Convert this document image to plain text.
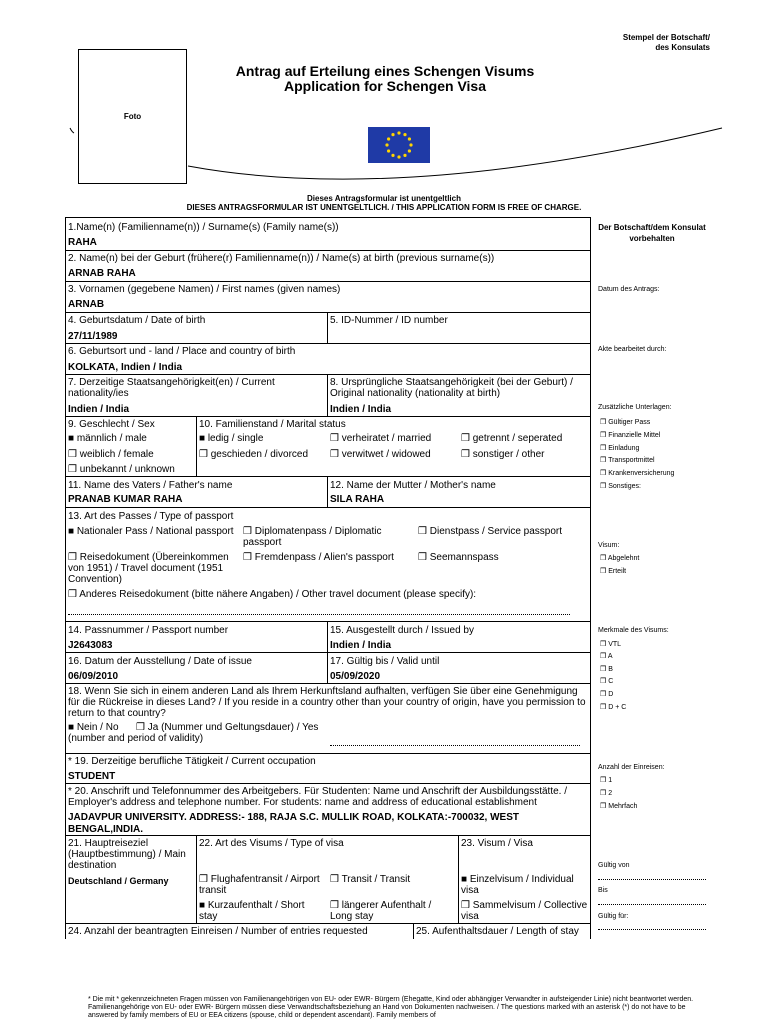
Foto
Stempel der Botschaft/
des Konsulats
Antrag auf Erteilung eines Schengen Visums
Application for Schengen Visa
Dieses Antragsformular ist unentgeltlich
DIESES ANTRAGSFORMULAR IST UNENTGELTLICH. / THIS APPLICATION FORM IS FREE OF CHARGE.
1.Name(n) (Familienname(n)) / Surname(s) (Family name(s))
RAHA
2. Name(n) bei der Geburt (frühere(r) Familienname(n)) / Name(s) at birth (previous surname(s))
ARNAB RAHA
3. Vornamen (gegebene Namen) / First names (given names)
ARNAB
4. Geburtsdatum / Date of birth
27/11/1989
5. ID-Nummer / ID number
6. Geburtsort und - land / Place and country of birth
KOLKATA, Indien / India
7. Derzeitige Staatsangehörigkeit(en) / Current nationality/ies
Indien / India
8. Ursprüngliche Staatsangehörigkeit (bei der Geburt) / Original nationality (nationality at birth)
Indien / India
9. Geschlecht / Sex
■ männlich / male
❒ weiblich / female
❒ unbekannt / unknown
10. Familienstand / Marital status
■ ledig / single	❒ verheiratet / married	❒ getrennt / seperated
❒ geschieden / divorced ❒ verwitwet / widowed	❒ sonstiger / other
11. Name des Vaters / Father's name
PRANAB KUMAR RAHA
12. Name der Mutter / Mother's name
SILA RAHA
13. Art des Passes / Type of passport
■ Nationaler Pass / National passport ❒ Diplomatenpass / Diplomatic passport
❒ Dienstpass / Service passport
❒ Reisedokument (Übereinkommen von 1951) / Travel document (1951 Convention)
❒ Fremdenpass / Alien's passport	❒ Seemannspass
❒ Anderes Reisedokument (bitte nähere Angaben) / Other travel document (please specify):
14. Passnummer / Passport number
J2643083
15. Ausgestellt durch / Issued by
Indien / India
16. Datum der Ausstellung / Date of issue
06/09/2010
17. Gültig bis / Valid until
05/09/2020
18. Wenn Sie sich in einem anderen Land als Ihrem Herkunftsland aufhalten, verfügen Sie über eine Genehmigung für die Rückreise in dieses Land? / If you reside in a country other than your country of origin, have you permission to return to that country?
■ Nein / No	❒ Ja (Nummer und Geltungsdauer) / Yes (number and period of validity)
* 19. Derzeitige berufliche Tätigkeit / Current occupation
STUDENT
* 20. Anschrift und Telefonnummer des Arbeitgebers. Für Studenten: Name und Anschrift der Ausbildungsstätte. / Employer's address and telephone number. For students: name and address of educational establishment
JADAVPUR UNIVERSITY. ADDRESS:- 188, RAJA S.C. MULLIK ROAD, KOLKATA:-700032, WEST BENGAL,INDIA.
21. Hauptreiseziel (Hauptbestimmung) / Main destination
Deutschland / Germany
22. Art des Visums / Type of visa
❒ Flughafentransit / Airport transit
❒ Transit / Transit
■ Kurzaufenthalt / Short stay
❒ längerer Aufenthalt / Long stay
23. Visum / Visa
■ Einzelvisum / Individual visa
❒ Sammelvisum / Collective visa
24. Anzahl der beantragten Einreisen / Number of entries requested	25. Aufenthaltsdauer / Length of stay
Der Botschaft/dem Konsulat vorbehalten
Datum des Antrags:
Akte bearbeitet durch:
Zusätzliche Unterlagen:
❒ Gültiger Pass
❒ Finanzielle Mittel
❒ Einladung
❒ Transportmittel
❒ Krankenversicherung
❒ Sonstiges:
Visum:
❒ Abgelehnt
❒ Erteilt
Merkmale des Visums:
❒ VTL
❒ A
❒ B
❒ C
❒ D
❒ D + C
Anzahl der Einreisen:
❒ 1
❒ 2
❒ Mehrfach
Gültig von
Bis
Gültig für:
* Die mit * gekennzeichneten Fragen müssen von Familienangehörigen von EU- oder EWR- Bürgern (Ehegatte, Kind oder abhängiger Verwandter in aufsteigender Linie) nicht beantwortet werden. Familienangehörige von EU- oder EWR- Bürgern müssen diese Verwandtschaftsbeziehung an Hand von Dokumenten nachweisen. / The questions marked with an asterisk (*) do not have to be answered by family members of EU or EEA citizens (spouse, child or dependent ascendant). Family members of
